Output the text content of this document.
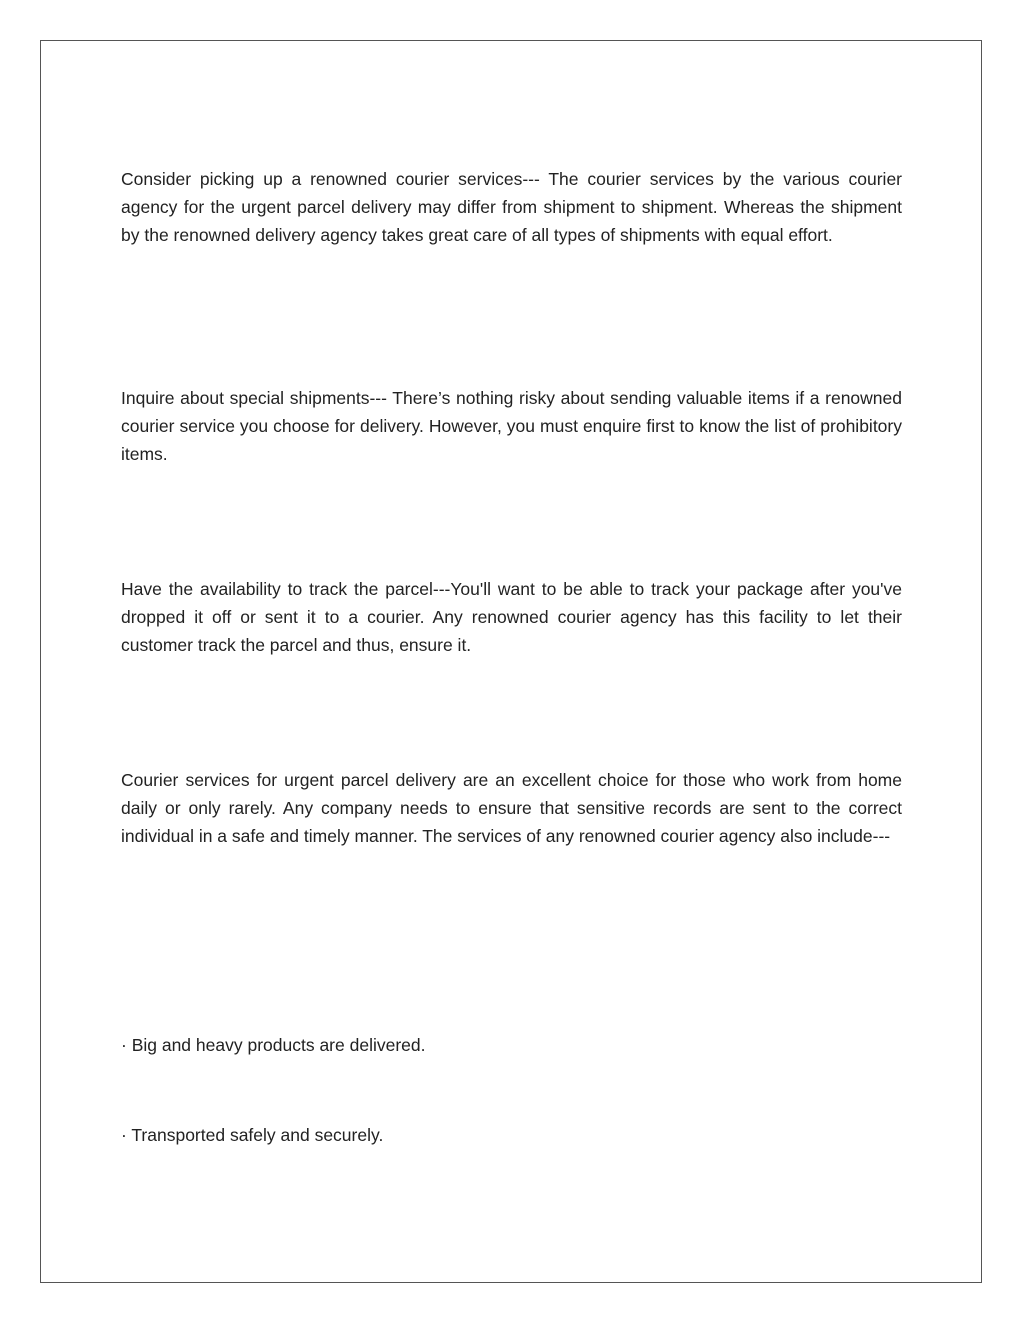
Consider picking up a renowned courier services--- The courier services by the various courier agency for the urgent parcel delivery may differ from shipment to shipment. Whereas the shipment by the renowned delivery agency takes great care of all types of shipments with equal effort.

Inquire about special shipments--- There’s nothing risky about sending valuable items if a renowned courier service you choose for delivery. However, you must enquire first to know the list of prohibitory items.

Have the availability to track the parcel---You'll want to be able to track your package after you've dropped it off or sent it to a courier. Any renowned courier agency has this facility to let their customer track the parcel and thus, ensure it.

Courier services for urgent parcel delivery are an excellent choice for those who work from home daily or only rarely. Any company needs to ensure that sensitive records are sent to the correct individual in a safe and timely manner. The services of any renowned courier agency also include---

· Big and heavy products are delivered.

· Transported safely and securely.
